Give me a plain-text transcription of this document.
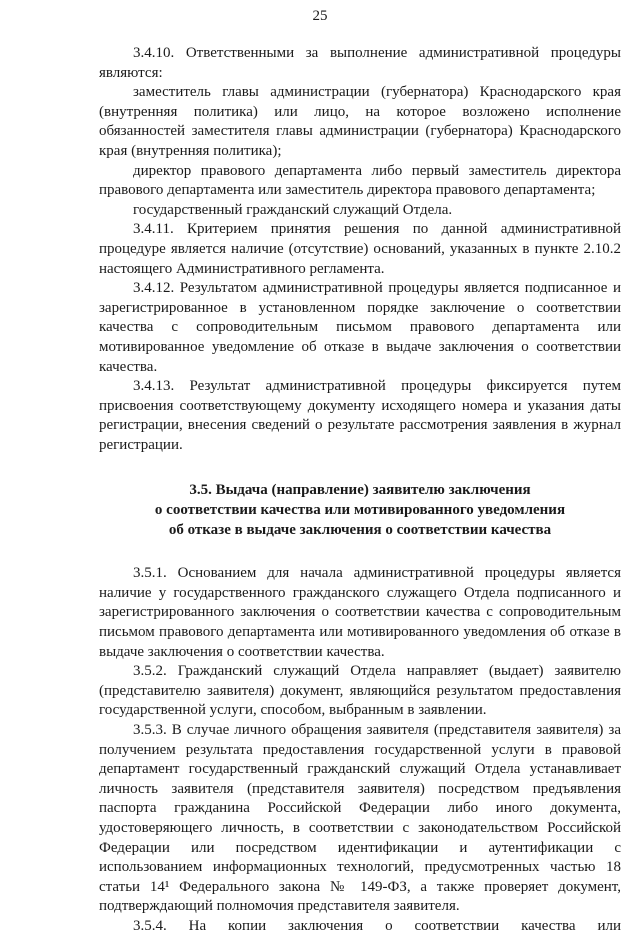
25

3.4.10. Ответственными за выполнение административной процедуры являются:

заместитель главы администрации (губернатора) Краснодарского края (внутренняя политика) или лицо, на которое возложено исполнение обязанностей заместителя главы администрации (губернатора) Краснодарского края (внутренняя политика);

директор правового департамента либо первый заместитель директора правового департамента или заместитель директора правового департамента;

государственный гражданский служащий Отдела.

3.4.11. Критерием принятия решения по данной административной процедуре является наличие (отсутствие) оснований, указанных в пункте 2.10.2 настоящего Административного регламента.

3.4.12. Результатом административной процедуры является подписанное и зарегистрированное в установленном порядке заключение о соответствии качества с сопроводительным письмом правового департамента или мотивированное уведомление об отказе в выдаче заключения о соответствии качества.

3.4.13. Результат административной процедуры фиксируется путем присвоения соответствующему документу исходящего номера и указания даты регистрации, внесения сведений о результате рассмотрения заявления в журнал регистрации.

3.5. Выдача (направление) заявителю заключения
о соответствии качества или мотивированного уведомления
об отказе в выдаче заключения о соответствии качества

3.5.1. Основанием для начала административной процедуры является наличие у государственного гражданского служащего Отдела подписанного и зарегистрированного заключения о соответствии качества с сопроводительным письмом правового департамента или мотивированного уведомления об отказе в выдаче заключения о соответствии качества.

3.5.2. Гражданский служащий Отдела направляет (выдает) заявителю (представителю заявителя) документ, являющийся результатом предоставления государственной услуги, способом, выбранным в заявлении.

3.5.3. В случае личного обращения заявителя (представителя заявителя) за получением результата предоставления государственной услуги в правовой департамент государственный гражданский служащий Отдела устанавливает личность заявителя (представителя заявителя) посредством предъявления паспорта гражданина Российской Федерации либо иного документа, удостоверяющего личность, в соответствии с законодательством Российской Федерации или посредством идентификации и аутентификации с использованием информационных технологий, предусмотренных частью 18 статьи 14¹ Федерального закона № 149-ФЗ, а также проверяет документ, подтверждающий полномочия представителя заявителя.

3.5.4. На копии заключения о соответствии качества или
